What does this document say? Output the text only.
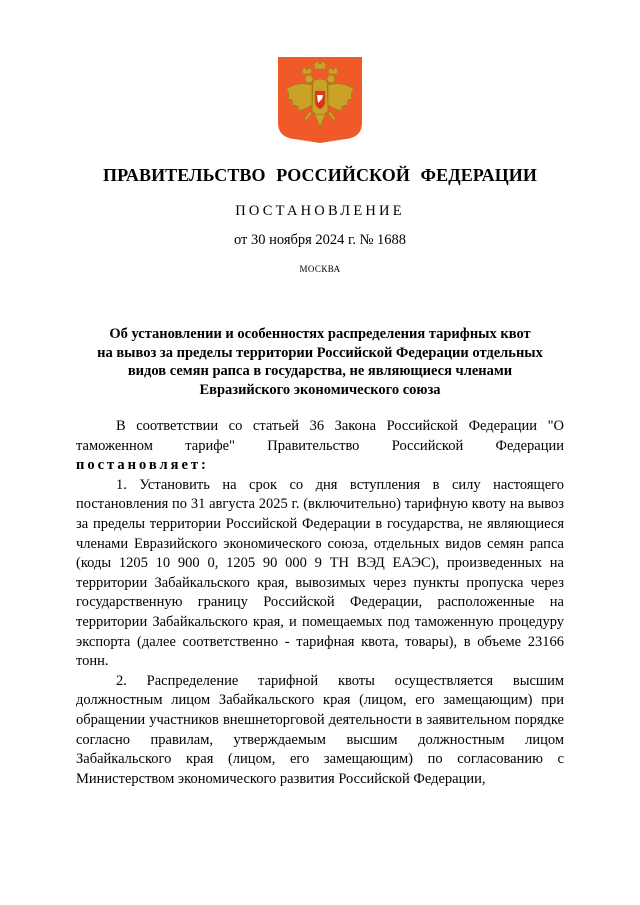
ПРАВИТЕЛЬСТВО РОССИЙСКОЙ ФЕДЕРАЦИИ
ПОСТАНОВЛЕНИЕ
от 30 ноября 2024 г. № 1688
МОСКВА
Об установлении и особенностях распределения тарифных квот
на вывоз за пределы территории Российской Федерации отдельных
видов семян рапса в государства, не являющиеся членами
Евразийского экономического союза

В соответствии со статьей 36 Закона Российской Федерации "О таможенном тарифе" Правительство Российской Федерации постановляет:

1. Установить на срок со дня вступления в силу настоящего постановления по 31 августа 2025 г. (включительно) тарифную квоту на вывоз за пределы территории Российской Федерации в государства, не являющиеся членами Евразийского экономического союза, отдельных видов семян рапса (коды 1205 10 900 0, 1205 90 000 9 ТН ВЭД ЕАЭС), произведенных на территории Забайкальского края, вывозимых через пункты пропуска через государственную границу Российской Федерации, расположенные на территории Забайкальского края, и помещаемых под таможенную процедуру экспорта (далее соответственно - тарифная квота, товары), в объеме 23166 тонн.

2. Распределение тарифной квоты осуществляется высшим должностным лицом Забайкальского края (лицом, его замещающим) при обращении участников внешнеторговой деятельности в заявительном порядке согласно правилам, утверждаемым высшим должностным лицом Забайкальского края (лицом, его замещающим) по согласованию с Министерством экономического развития Российской Федерации,
